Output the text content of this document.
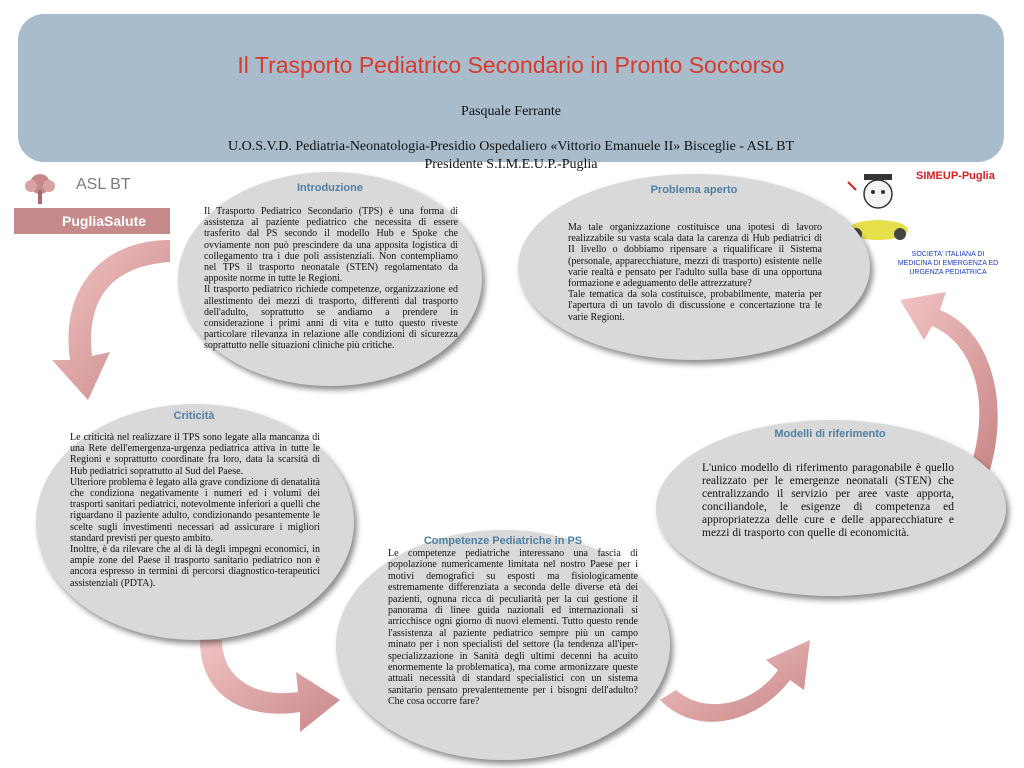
Il Trasporto Pediatrico Secondario in Pronto Soccorso
Pasquale Ferrante
U.O.S.V.D. Pediatria-Neonatologia-Presidio Ospedaliero «Vittorio Emanuele II» Bisceglie - ASL BT
Presidente S.I.M.E.U.P.-Puglia
ASL BT
PugliaSalute
SIMEUP-Puglia
SOCIETA' ITALIANA DI
MEDICINA DI EMERGENZA ED
URGENZA PEDIATRICA
Introduzione

Il Trasporto Pediatrico Secondario (TPS) è una forma di assistenza al paziente pediatrico che necessita di essere trasferito dal PS secondo il modello Hub e Spoke che ovviamente non può prescindere da una apposita logistica di collegamento tra i due poli assistenziali. Non contempliamo nel TPS il trasporto neonatale (STEN) regolamentato da apposite norme in tutte le Regioni.
Il trasporto pediatrico richiede competenze, organizzazione ed allestimento dei mezzi di trasporto, differenti dal trasporto dell'adulto, soprattutto se andiamo a prendere in considerazione i primi anni di vita e tutto questo riveste particolare rilevanza in relazione alle condizioni di sicurezza soprattutto nelle situazioni cliniche più critiche.

Problema aperto

Ma tale organizzazione costituisce una ipotesi di lavoro realizzabile su vasta scala data la carenza di Hub pediatrici di II livello o dobbiamo ripensare a riqualificare il Sistema (personale, apparecchiature, mezzi di trasporto) esistente nelle varie realtà e pensato per l'adulto sulla base di una opportuna formazione e adeguamento delle attrezzature?
Tale tematica da sola costituisce, probabilmente, materia per l'apertura di un tavolo di discussione e concertazione tra le varie Regioni.

Criticità

Le criticità nel realizzare il TPS sono legate alla mancanza di una Rete dell'emergenza-urgenza pediatrica attiva in tutte le Regioni e soprattutto coordinate fra loro, data la scarsità di Hub pediatrici soprattutto al Sud del Paese.
Ulteriore problema è legato alla grave condizione di denatalità che condiziona negativamente i numeri ed i volumi dei trasporti sanitari pediatrici, notevolmente inferiori a quelli che riguardano il paziente adulto, condizionando pesantemente le scelte sugli investimenti necessari ad assicurare i migliori standard previsti per questo ambito.
Inoltre, è da rilevare che al di là degli impegni economici, in ampie zone del Paese il trasporto sanitario pediatrico non è ancora espresso in termini di percorsi diagnostico-terapeutici assistenziali (PDTA).

Modelli di riferimento

L'unico modello di riferimento paragonabile è quello realizzato per le emergenze neonatali (STEN) che centralizzando il servizio per aree vaste apporta, conciliandole, le esigenze di competenza ed appropriatezza delle cure e delle apparecchiature e mezzi di trasporto con quelle di economicità.

Competenze Pediatriche in PS

Le competenze pediatriche interessano una fascia di popolazione numericamente limitata nel nostro Paese per i motivi demografici su esposti ma fisiologicamente estremamente differenziata a seconda delle diverse età dei pazienti, ognuna ricca di peculiarità per la cui gestione il panorama di linee guida nazionali ed internazionali si arricchisce ogni giorno di nuovi elementi. Tutto questo rende l'assistenza al paziente pediatrico sempre più un campo minato per i non specialisti del settore (la tendenza all'iper-specializzazione in Sanità degli ultimi decenni ha acuito enormemente la problematica), ma come armonizzare queste attuali necessità di standard specialistici con un sistema sanitario pensato prevalentemente per i bisogni dell'adulto? Che cosa occorre fare?
